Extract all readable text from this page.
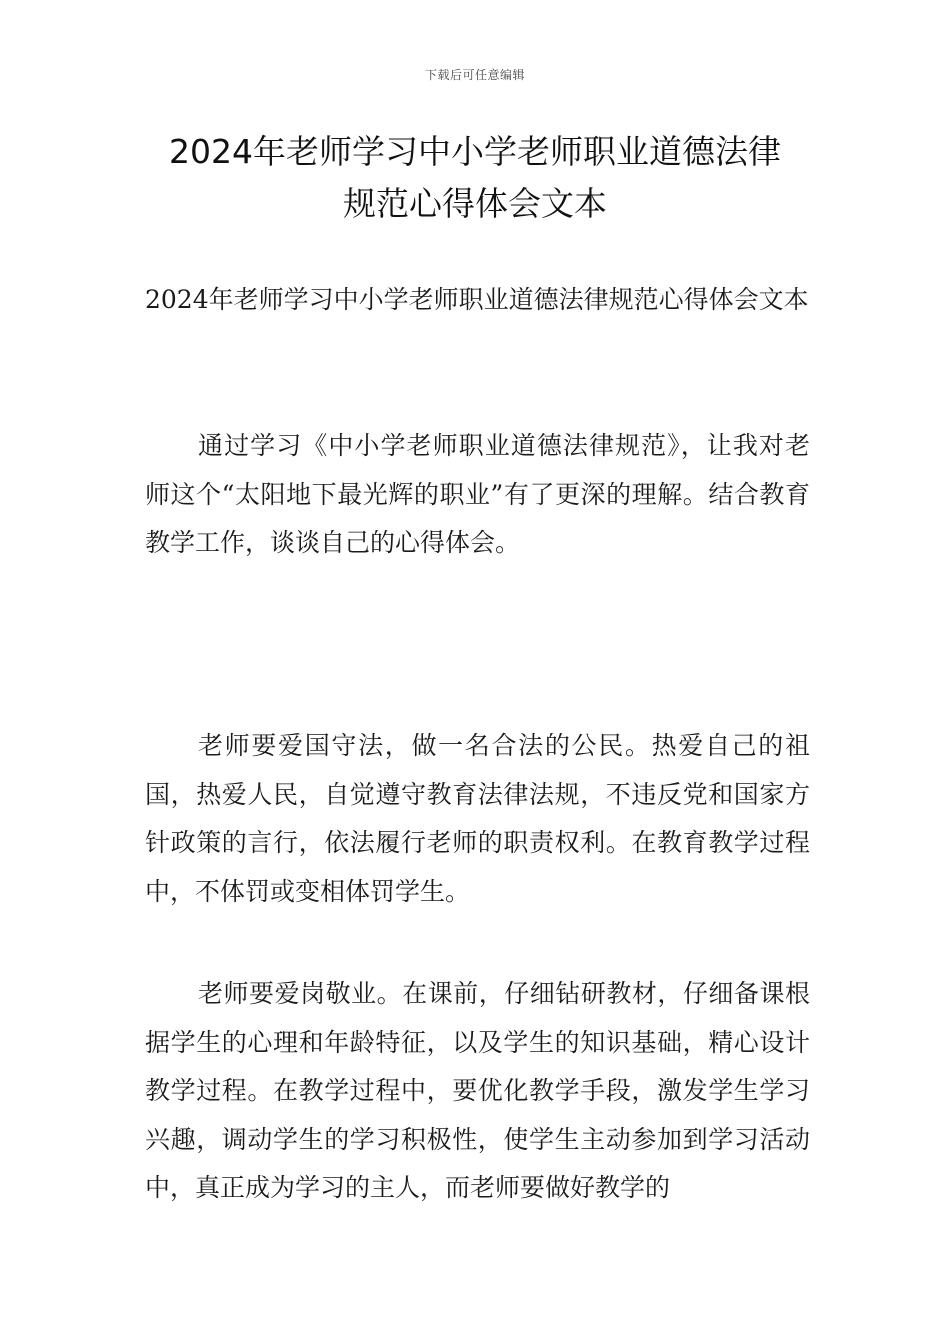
下载后可任意编辑
2024年老师学习中小学老师职业道德法律
规范心得体会文本

2024年老师学习中小学老师职业道德法律规范心得体会文本

通过学习《中小学老师职业道德法律规范》，让我对老师这个“太阳地下最光辉的职业”有了更深的理解。结合教育教学工作，谈谈自己的心得体会。

老师要爱国守法，做一名合法的公民。热爱自己的祖国，热爱人民，自觉遵守教育法律法规，不违反党和国家方针政策的言行，依法履行老师的职责权利。在教育教学过程中，不体罚或变相体罚学生。

老师要爱岗敬业。在课前，仔细钻研教材，仔细备课根据学生的心理和年龄特征，以及学生的知识基础，精心设计教学过程。在教学过程中，要优化教学手段，激发学生学习兴趣，调动学生的学习积极性，使学生主动参加到学习活动中，真正成为学习的主人，而老师要做好教学的
